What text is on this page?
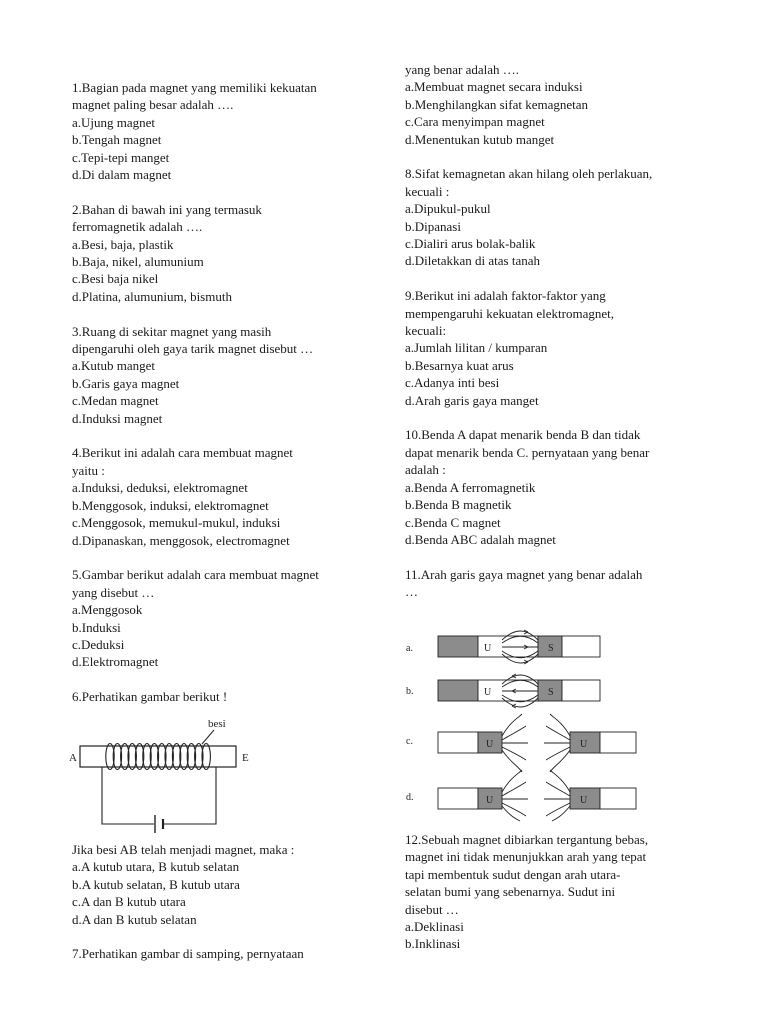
1.Bagian pada magnet yang memiliki kekuatan

magnet paling besar adalah ….

a.Ujung magnet

b.Tengah magnet

c.Tepi-tepi manget

d.Di dalam magnet

2.Bahan di bawah ini yang termasuk

ferromagnetik adalah ….

a.Besi, baja, plastik

b.Baja, nikel, alumunium

c.Besi baja nikel

d.Platina, alumunium, bismuth

3.Ruang di sekitar magnet yang masih

dipengaruhi oleh gaya tarik magnet disebut …

a.Kutub manget

b.Garis gaya magnet

c.Medan magnet

d.Induksi magnet

4.Berikut ini adalah cara membuat magnet

yaitu :

a.Induksi, deduksi, elektromagnet

b.Menggosok, induksi, elektromagnet

c.Menggosok, memukul-mukul, induksi

d.Dipanaskan, menggosok, electromagnet

5.Gambar berikut adalah cara membuat magnet

yang disebut …

a.Menggosok

b.Induksi

c.Deduksi

d.Elektromagnet

6.Perhatikan gambar berikut !

besi
A	E

Jika besi AB telah menjadi magnet, maka :

a.A kutub utara, B kutub selatan

b.A kutub selatan, B kutub utara

c.A dan B kutub utara

d.A dan B kutub selatan

7.Perhatikan gambar di samping, pernyataan

yang benar adalah ….

a.Membuat magnet secara induksi

b.Menghilangkan sifat kemagnetan

c.Cara menyimpan magnet

d.Menentukan kutub manget

8.Sifat kemagnetan akan hilang oleh perlakuan,

kecuali :

a.Dipukul-pukul

b.Dipanasi

c.Dialiri arus bolak-balik

d.Diletakkan di atas tanah

9.Berikut ini adalah faktor-faktor yang

mempengaruhi kekuatan elektromagnet,

kecuali:

a.Jumlah lilitan / kumparan

b.Besarnya kuat arus

c.Adanya inti besi

d.Arah garis gaya manget

10.Benda A dapat menarik benda B dan tidak

dapat menarik benda C. pernyataan yang benar

adalah :

a.Benda A ferromagnetik

b.Benda B magnetik

c.Benda C magnet

d.Benda ABC adalah magnet

11.Arah garis gaya magnet yang benar adalah

…

a.	U	S
b.	U	S
c.	U	U
d.	U	U

12.Sebuah magnet dibiarkan tergantung bebas,

magnet ini tidak menunjukkan arah yang tepat

tapi membentuk sudut dengan arah utara-

selatan bumi yang sebenarnya. Sudut ini

disebut …

a.Deklinasi

b.Inklinasi
